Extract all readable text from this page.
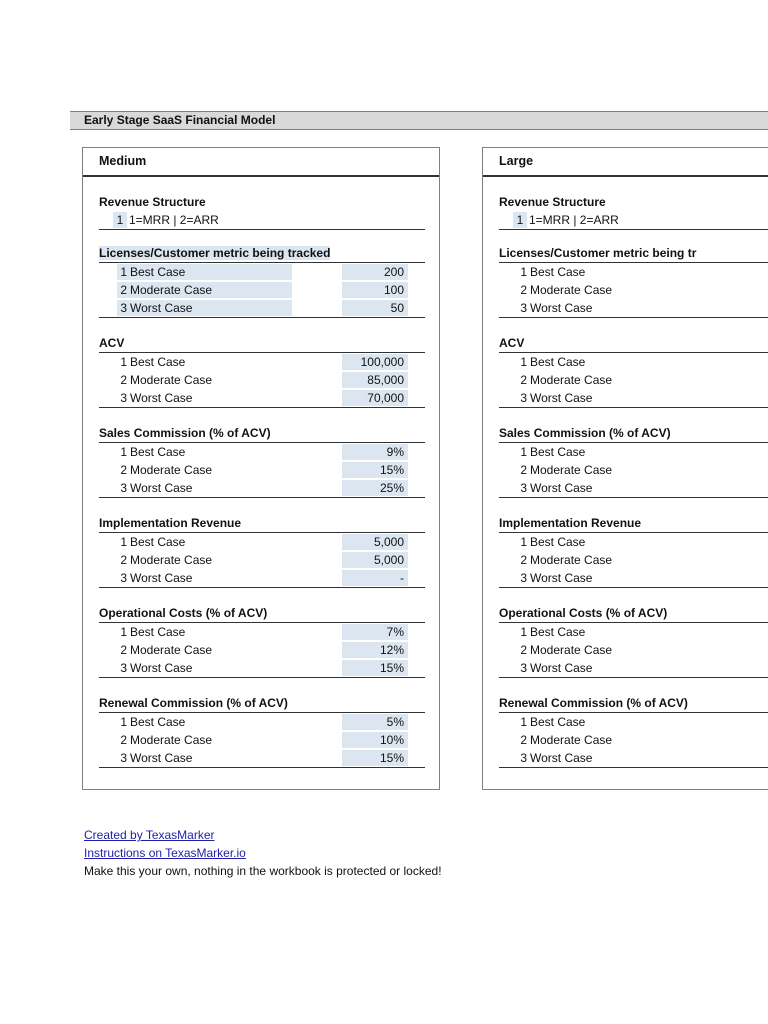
Early Stage SaaS Financial Model
Medium
Revenue Structure
1 1=MRR | 2=ARR
Licenses/Customer metric being tracked
1 Best Case	200
2 Moderate Case	100
3 Worst Case	50
ACV
1 Best Case	100,000
2 Moderate Case	85,000
3 Worst Case	70,000
Sales Commission (% of ACV)
1 Best Case	9%
2 Moderate Case	15%
3 Worst Case	25%
Implementation Revenue
1 Best Case	5,000
2 Moderate Case	5,000
3 Worst Case	-
Operational Costs (% of ACV)
1 Best Case	7%
2 Moderate Case	12%
3 Worst Case	15%
Renewal Commission (% of ACV)
1 Best Case	5%
2 Moderate Case	10%
3 Worst Case	15%
Large
Revenue Structure
1 1=MRR | 2=ARR
Licenses/Customer metric being tr
1 Best Case
2 Moderate Case
3 Worst Case
ACV
1 Best Case
2 Moderate Case
3 Worst Case
Sales Commission (% of ACV)
1 Best Case
2 Moderate Case
3 Worst Case
Implementation Revenue
1 Best Case
2 Moderate Case
3 Worst Case
Operational Costs (% of ACV)
1 Best Case
2 Moderate Case
3 Worst Case
Renewal Commission (% of ACV)
1 Best Case
2 Moderate Case
3 Worst Case
Created by TexasMarker
Instructions on TexasMarker.io
Make this your own, nothing in the workbook is protected or locked!
